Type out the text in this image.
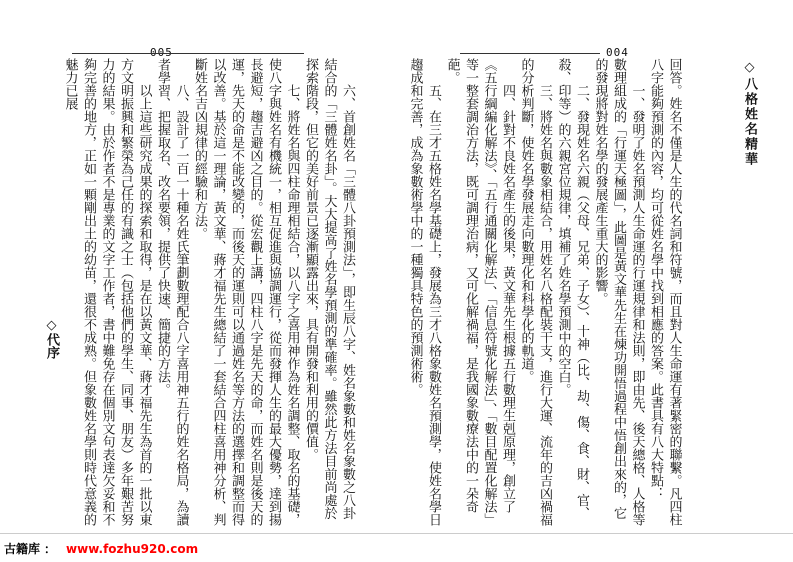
◇八格姓名精華
◇代序
005	004

回答。姓名不僅是人生的代名詞和符號，而且對人生命運有著緊密的聯繫。凡四柱八字能夠預測的內容，均可從姓名學中找到相應的答案。此書具有八大特點：

一、發明了姓名預測人生命運的行運規律和法則，即由先、後天總格、人格等數理組成的「行運天極圖」，此圖是黃文華先生在煉功開悟過程中悟創出來的，它的發現將對姓名學的發展產生重大的影響。

二、發現姓名六親（父母、兄弟、子女）、十神（比、劫、傷、食、財、官、殺、印等）的六親宮位規律，填補了姓名學預測中的空白。

三、將姓名與數象相結合，用姓名八格配裝干支，進行大運、流年的吉凶禍福的分析判斷，使姓名學發展走向數理化和科學化的軌道。

四、針對不良姓名產生的後果，黃文華先生根據五行數理生剋原理，創立了《五行綱編化解法》、「五行通關化解法」、「信息符號化解法」、「數目配置化解法」等一整套調治方法，既可調理治病，又可化解禍福，是我國象數療法中的一朵奇葩。

五、在三才五格姓名學基礎上，發展為三才八格象數姓名預測學，使姓名學日趨成和完善，成為象數術學中的一種獨具特色的預測術術。

六、首創姓名「三體八卦預測法」，即生辰八字、姓名象數和姓名象數之八卦結合的「三體姓名卦」。大大提高了姓名學預測的準確率。雖然此方法目前尚處於探索階段，但它的美好前景已逐漸顯露出來，具有開發和利用的價值。

七、將姓名與四柱命理相結合，以八字之喜用神作為姓名調整、取名的基礎，使八字與姓名有機統一，相互促進與協調運行，從而發揮人生的最大優勢，達到揚長避短，趨吉避凶之目的。從宏觀上講，四柱八字是先天的命，而姓名則是後天的運，先天的命是不能改變的，而後天的運則可以通過姓名等方法的選擇和調整而得以改善。基於這一理論，黃文華、蔣才福先生總結了一套結合四柱喜用神分析、判斷姓名吉凶規律的經驗和方法。

八、設計了一百一十種名姓氏筆劃數理配合八字喜用神五行的姓名格局，為讀者學習、把握取名、改名要領，提供了快速、簡捷的方法。

以上這些研究成果的探索和取得，是在以黃文華、蔣才福先生為首的一批以東方文明振興和繁榮為己任的有識之士（包括他們的學生、同事、朋友）多年艱苦努力的結果。由於作者不是專業的文字工作者，書中難免存在個別文句表達欠妥和不夠完善的地方，正如一顆剛出土的幼苗，還很不成熟。但象數姓名學則時代意義的魅力已展

古籍库 ： www.fozhu920.com
